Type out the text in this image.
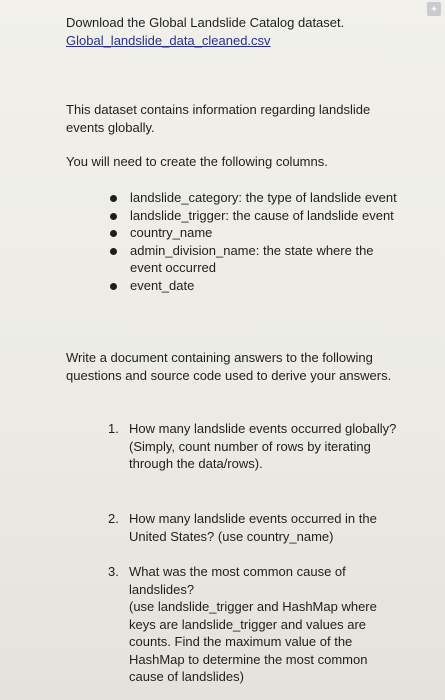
✦
Download the Global Landslide Catalog dataset.
Global_landslide_data_cleaned.csv
This dataset contains information regarding landslide events globally.
You will need to create the following columns.
landslide_category: the type of landslide event
landslide_trigger: the cause of landslide event
country_name
admin_division_name: the state where the event occurred
event_date
Write a document containing answers to the following questions and source code used to derive your answers.
1. How many landslide events occurred globally?
(Simply, count number of rows by iterating through the data/rows).
2. How many landslide events occurred in the United States? (use country_name)
3. What was the most common cause of landslides?
(use landslide_trigger and HashMap where keys are landslide_trigger and values are counts. Find the maximum value of the HashMap to determine the most common cause of landslides)
